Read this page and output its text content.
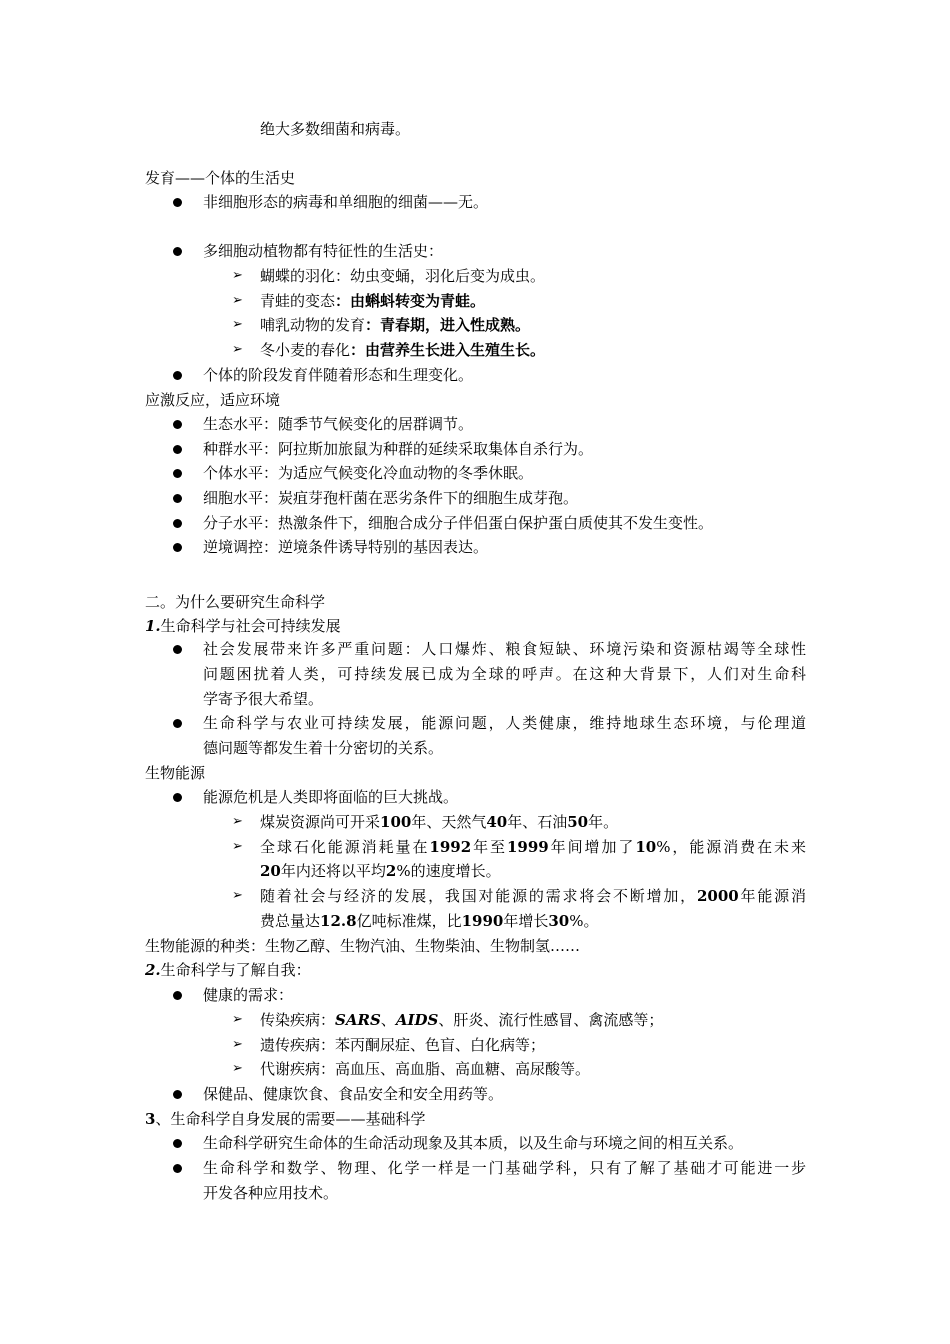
绝大多数细菌和病毒。
发育——个体的生活史
非细胞形态的病毒和单细胞的细菌——无。
多细胞动植物都有特征性的生活史：
➢ 蝴蝶的羽化：幼虫变蛹，羽化后变为成虫。
➢ 青蛙的变态：由蝌蚪转变为青蛙。
➢ 哺乳动物的发育：青春期，进入性成熟。
➢ 冬小麦的春化：由营养生长进入生殖生长。
个体的阶段发育伴随着形态和生理变化。
应激反应，适应环境
生态水平：随季节气候变化的居群调节。
种群水平：阿拉斯加旅鼠为种群的延续采取集体自杀行为。
个体水平：为适应气候变化冷血动物的冬季休眠。
细胞水平：炭疽芽孢杆菌在恶劣条件下的细胞生成芽孢。
分子水平：热激条件下，细胞合成分子伴侣蛋白保护蛋白质使其不发生变性。
逆境调控：逆境条件诱导特别的基因表达。
二。为什么要研究生命科学
1.生命科学与社会可持续发展
社会发展带来许多严重问题：人口爆炸、粮食短缺、环境污染和资源枯竭等全球性
问题困扰着人类，可持续发展已成为全球的呼声。在这种大背景下，人们对生命科
学寄予很大希望。
生命科学与农业可持续发展，能源问题，人类健康，维持地球生态环境，与伦理道
德问题等都发生着十分密切的关系。
生物能源
能源危机是人类即将面临的巨大挑战。
➢ 煤炭资源尚可开采100年、天然气40年、石油50年。
➢ 全球石化能源消耗量在1992年至1999年间增加了10%，能源消费在未来
20年内还将以平均2%的速度增长。
➢ 随着社会与经济的发展，我国对能源的需求将会不断增加，2000年能源消
费总量达12.8亿吨标准煤，比1990年增长30%。
生物能源的种类：生物乙醇、生物汽油、生物柴油、生物制氢……
2.生命科学与了解自我：
健康的需求：
➢ 传染疾病：SARS、AIDS、肝炎、流行性感冒、禽流感等；
➢ 遗传疾病：苯丙酮尿症、色盲、白化病等；
➢ 代谢疾病：高血压、高血脂、高血糖、高尿酸等。
保健品、健康饮食、食品安全和安全用药等。
3、生命科学自身发展的需要——基础科学
生命科学研究生命体的生命活动现象及其本质，以及生命与环境之间的相互关系。
生命科学和数学、物理、化学一样是一门基础学科，只有了解了基础才可能进一步
开发各种应用技术。
